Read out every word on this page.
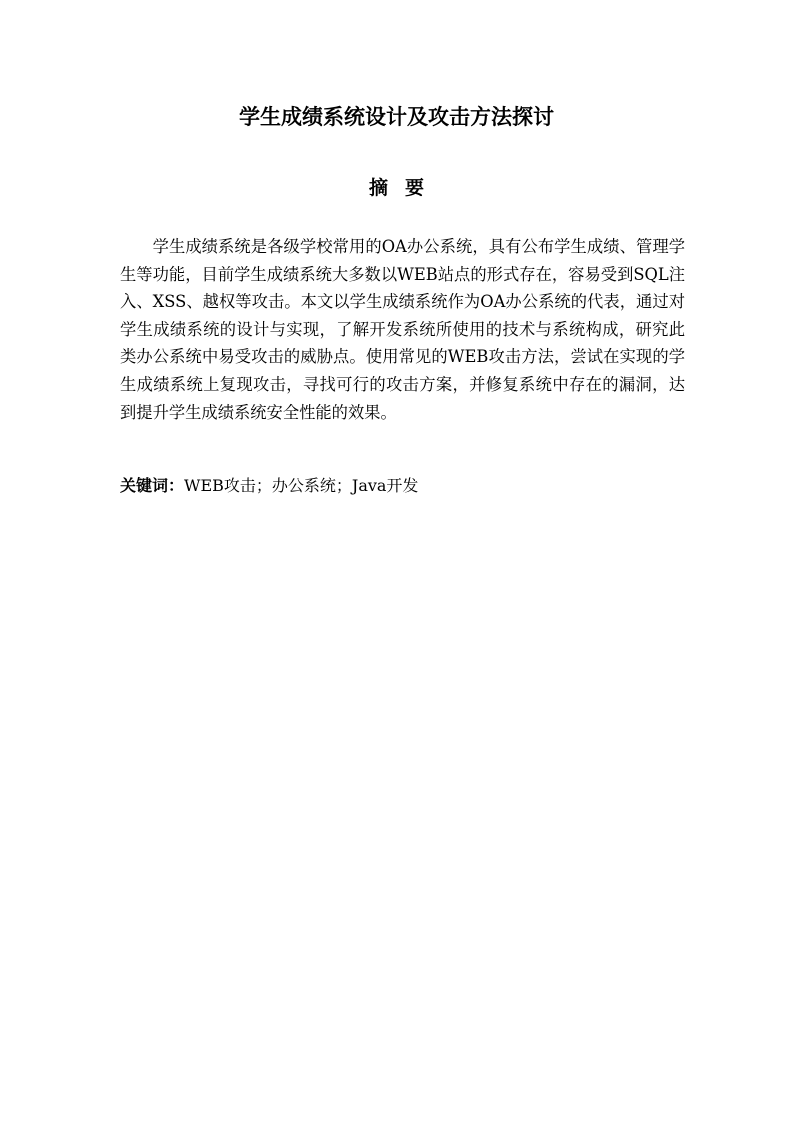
学生成绩系统设计及攻击方法探讨
摘要

学生成绩系统是各级学校常用的OA办公系统，具有公布学生成绩、管理学生等功能，目前学生成绩系统大多数以WEB站点的形式存在，容易受到SQL注入、XSS、越权等攻击。本文以学生成绩系统作为OA办公系统的代表，通过对学生成绩系统的设计与实现，了解开发系统所使用的技术与系统构成，研究此类办公系统中易受攻击的威胁点。使用常见的WEB攻击方法，尝试在实现的学生成绩系统上复现攻击，寻找可行的攻击方案，并修复系统中存在的漏洞，达到提升学生成绩系统安全性能的效果。

关键词：WEB攻击；办公系统；Java开发
